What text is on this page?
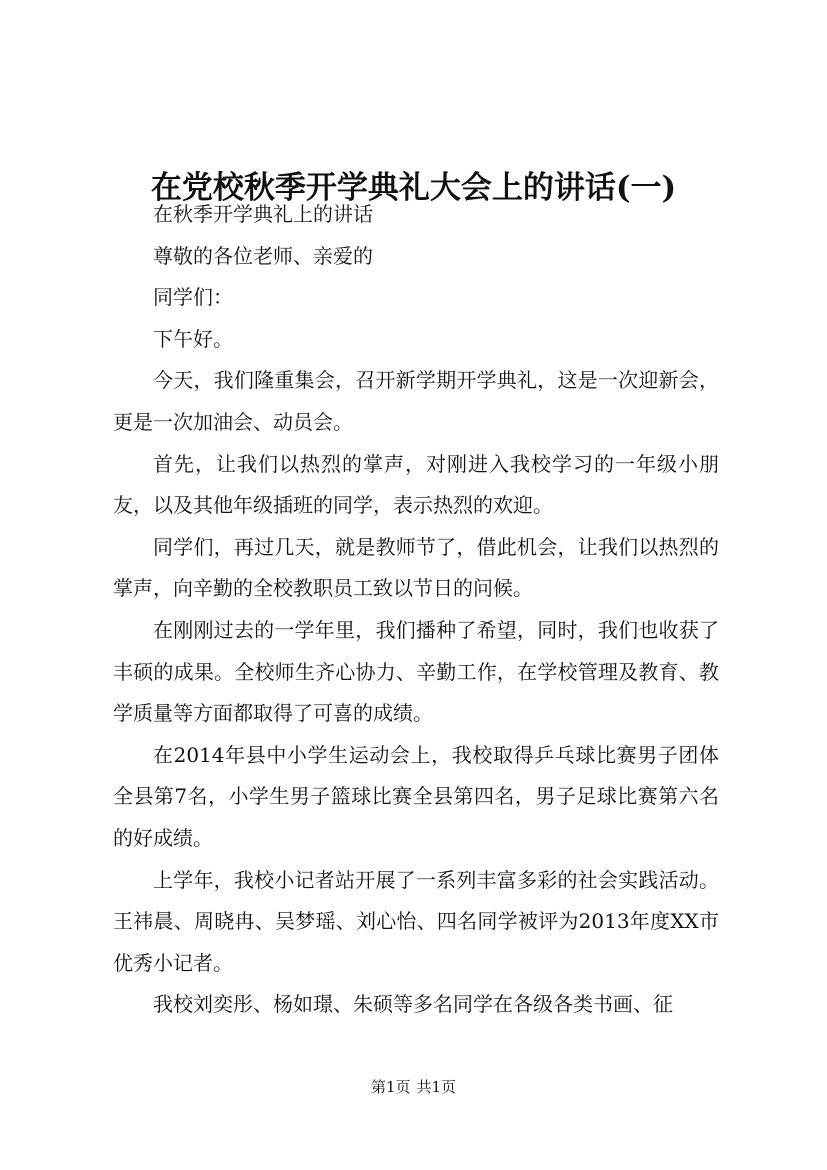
在党校秋季开学典礼大会上的讲话(一)

在秋季开学典礼上的讲话

尊敬的各位老师、亲爱的

同学们：

下午好。

今天，我们隆重集会，召开新学期开学典礼，这是一次迎新会，更是一次加油会、动员会。

首先，让我们以热烈的掌声，对刚进入我校学习的一年级小朋友，以及其他年级插班的同学，表示热烈的欢迎。

同学们，再过几天，就是教师节了，借此机会，让我们以热烈的掌声，向辛勤的全校教职员工致以节日的问候。

在刚刚过去的一学年里，我们播种了希望，同时，我们也收获了丰硕的成果。全校师生齐心协力、辛勤工作，在学校管理及教育、教学质量等方面都取得了可喜的成绩。

在2014年县中小学生运动会上，我校取得乒乓球比赛男子团体全县第7名，小学生男子篮球比赛全县第四名，男子足球比赛第六名的好成绩。

上学年，我校小记者站开展了一系列丰富多彩的社会实践活动。王祎晨、周晓冉、吴梦瑶、刘心怡、四名同学被评为2013年度XX市优秀小记者。

我校刘奕彤、杨如璟、朱硕等多名同学在各级各类书画、征

第1页 共1页
